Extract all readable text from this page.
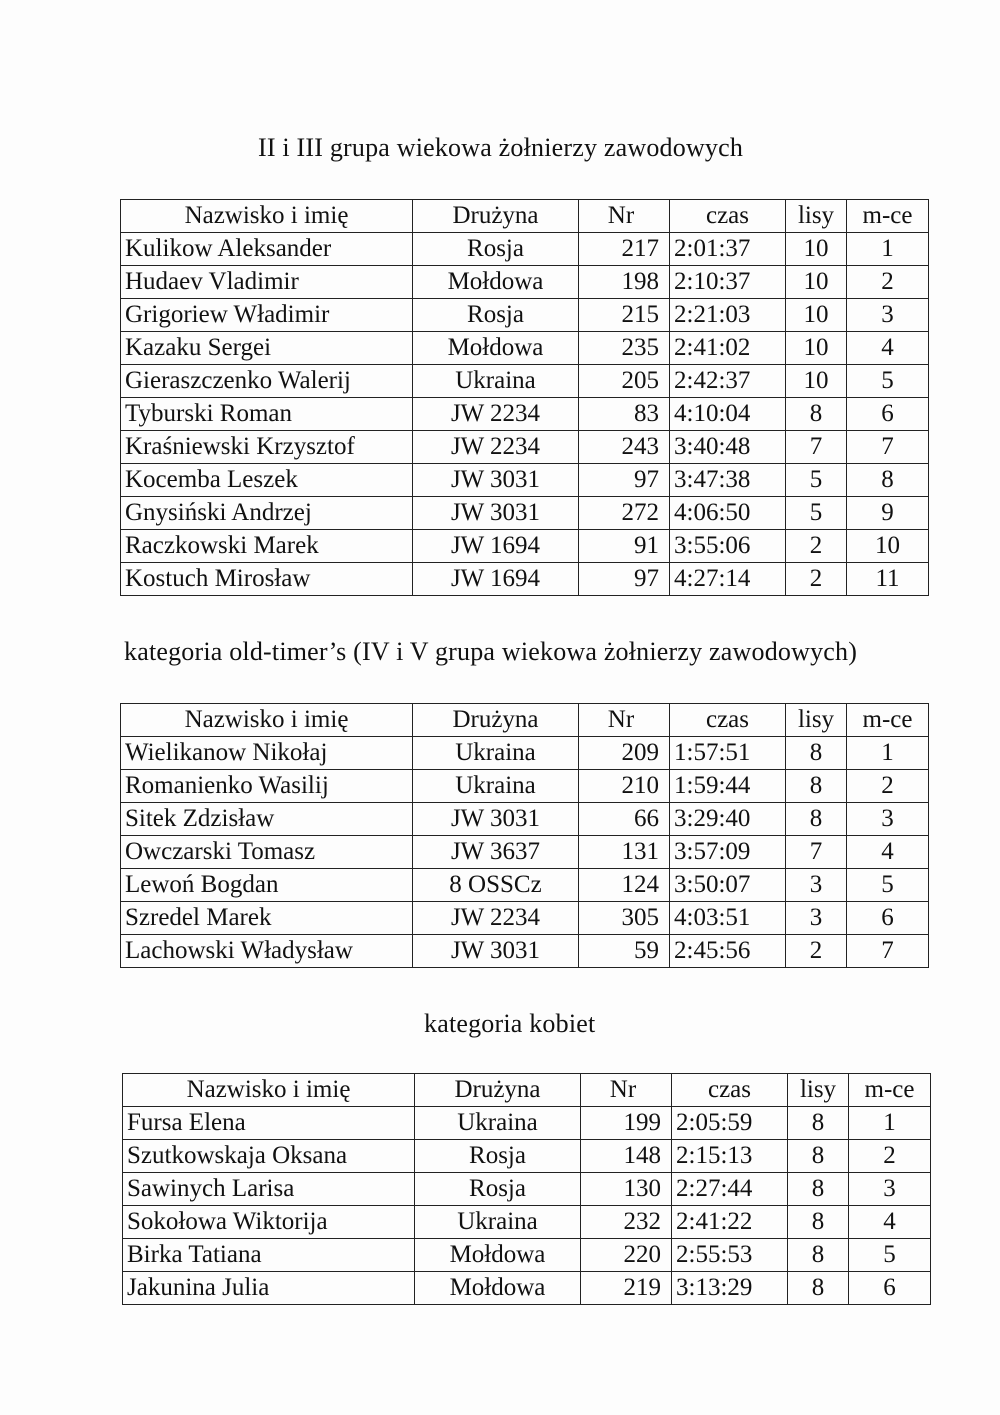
II i III grupa wiekowa żołnierzy zawodowych
Nazwisko i imię	Drużyna	Nr	czas	lisy	m-ce
Kulikow Aleksander	Rosja	217	2:01:37	10	1
Hudaev Vladimir	Mołdowa	198	2:10:37	10	2
Grigoriew Władimir	Rosja	215	2:21:03	10	3
Kazaku Sergei	Mołdowa	235	2:41:02	10	4
Gieraszczenko Walerij	Ukraina	205	2:42:37	10	5
Tyburski Roman	JW 2234	83	4:10:04	8	6
Kraśniewski Krzysztof	JW 2234	243	3:40:48	7	7
Kocemba Leszek	JW 3031	97	3:47:38	5	8
Gnysiński Andrzej	JW 3031	272	4:06:50	5	9
Raczkowski Marek	JW 1694	91	3:55:06	2	10
Kostuch Mirosław	JW 1694	97	4:27:14	2	11
kategoria old-timer’s (IV i V grupa wiekowa żołnierzy zawodowych)
Nazwisko i imię	Drużyna	Nr	czas	lisy	m-ce
Wielikanow Nikołaj	Ukraina	209	1:57:51	8	1
Romanienko Wasilij	Ukraina	210	1:59:44	8	2
Sitek Zdzisław	JW 3031	66	3:29:40	8	3
Owczarski Tomasz	JW 3637	131	3:57:09	7	4
Lewoń Bogdan	8 OSSCz	124	3:50:07	3	5
Szredel Marek	JW 2234	305	4:03:51	3	6
Lachowski Władysław	JW 3031	59	2:45:56	2	7
kategoria kobiet
Nazwisko i imię	Drużyna	Nr	czas	lisy	m-ce
Fursa Elena	Ukraina	199	2:05:59	8	1
Szutkowskaja Oksana	Rosja	148	2:15:13	8	2
Sawinych Larisa	Rosja	130	2:27:44	8	3
Sokołowa Wiktorija	Ukraina	232	2:41:22	8	4
Birka Tatiana	Mołdowa	220	2:55:53	8	5
Jakunina Julia	Mołdowa	219	3:13:29	8	6
